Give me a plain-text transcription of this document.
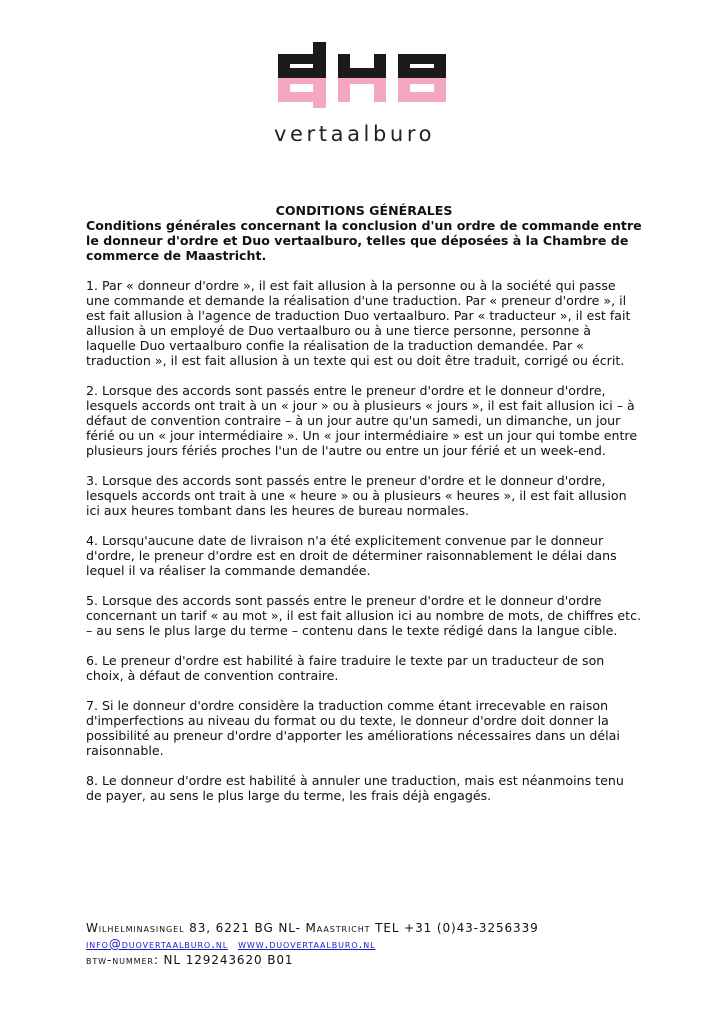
vertaalburo

CONDITIONS GÉNÉRALES

Conditions générales concernant la conclusion d'un ordre de commande entre le donneur d'ordre et Duo vertaalburo, telles que déposées à la Chambre de commerce de Maastricht.

1. Par « donneur d'ordre », il est fait allusion à la personne ou à la société qui passe une commande et demande la réalisation d'une traduction. Par « preneur d'ordre », il est fait allusion à l'agence de traduction Duo vertaalburo. Par « traducteur », il est fait allusion à un employé de Duo vertaalburo ou à une tierce personne, personne à laquelle Duo vertaalburo confie la réalisation de la traduction demandée. Par « traduction », il est fait allusion à un texte qui est ou doit être traduit, corrigé ou écrit.

2. Lorsque des accords sont passés entre le preneur d'ordre et le donneur d'ordre, lesquels accords ont trait à un « jour » ou à plusieurs « jours », il est fait allusion ici – à défaut de convention contraire – à un jour autre qu'un samedi, un dimanche, un jour férié ou un « jour intermédiaire ». Un « jour intermédiaire » est un jour qui tombe entre plusieurs jours fériés proches l'un de l'autre ou entre un jour férié et un week-end.

3. Lorsque des accords sont passés entre le preneur d'ordre et le donneur d'ordre, lesquels accords ont trait à une « heure » ou à plusieurs « heures », il est fait allusion ici aux heures tombant dans les heures de bureau normales.

4. Lorsqu'aucune date de livraison n'a été explicitement convenue par le donneur d'ordre, le preneur d'ordre est en droit de déterminer raisonnablement le délai dans lequel il va réaliser la commande demandée.

5. Lorsque des accords sont passés entre le preneur d'ordre et le donneur d'ordre concernant un tarif « au mot », il est fait allusion ici au nombre de mots, de chiffres etc. – au sens le plus large du terme – contenu dans le texte rédigé dans la langue cible.

6. Le preneur d'ordre est habilité à faire traduire le texte par un traducteur de son choix, à défaut de convention contraire.

7. Si le donneur d'ordre considère la traduction comme étant irrecevable en raison d'imperfections au niveau du format ou du texte, le donneur d'ordre doit donner la possibilité au preneur d'ordre d'apporter les améliorations nécessaires dans un délai raisonnable.

8. Le donneur d'ordre est habilité à annuler une traduction, mais est néanmoins tenu de payer, au sens le plus large du terme, les frais déjà engagés.

Wilhelminasingel 83, 6221 BG NL- Maastricht TEL +31 (0)43-3256339
info@duovertaalburo.nl www.duovertaalburo.nl
btw-nummer: NL 129243620 B01
